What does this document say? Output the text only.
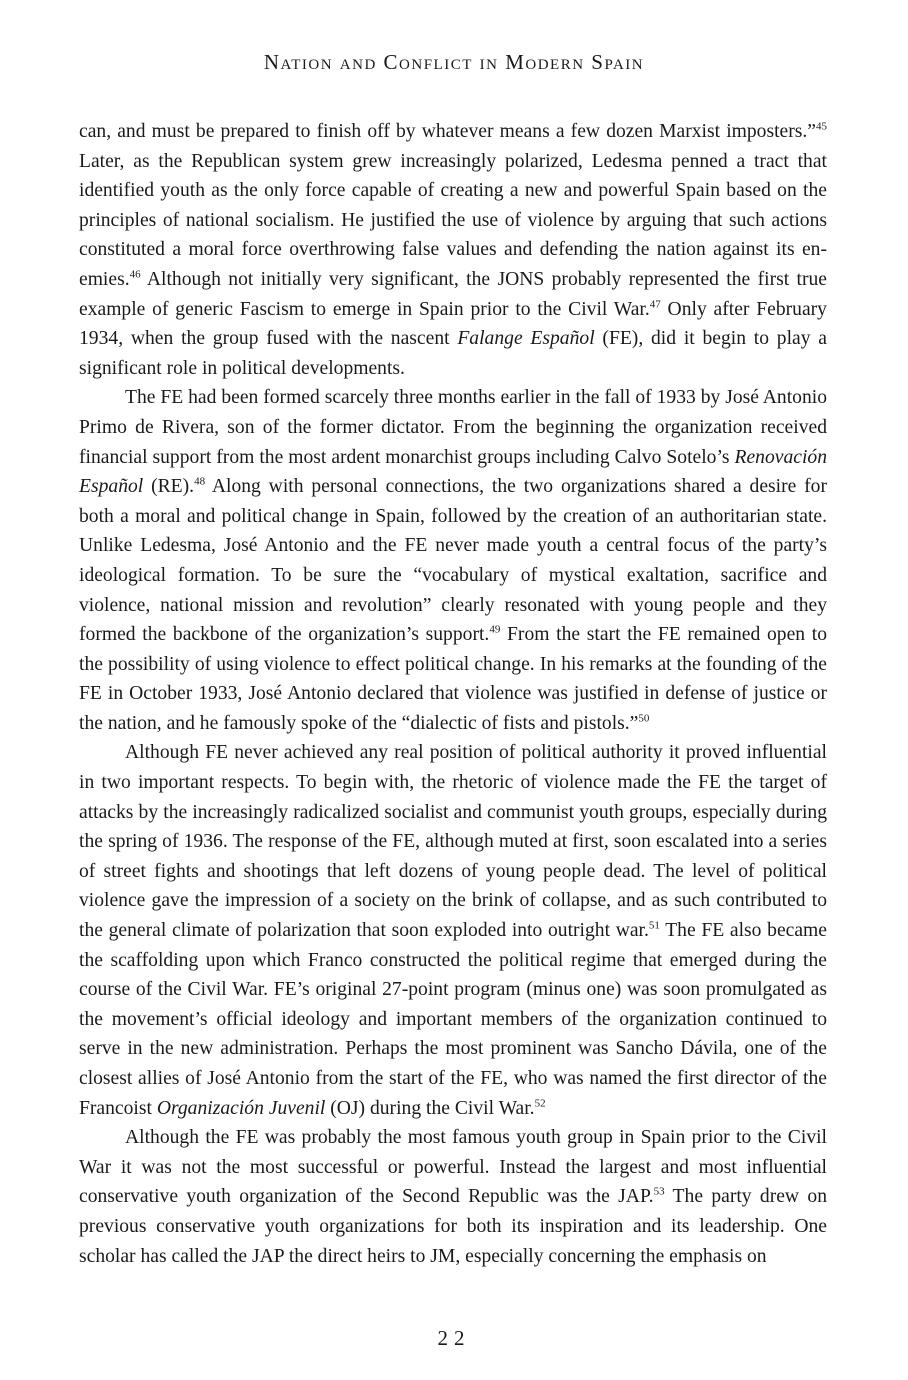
Nation and Conflict in Modern Spain

can, and must be prepared to finish off by whatever means a few dozen Marxist imposters.”$^{45}$ Later, as the Republican system grew increasingly polarized, Ledesma penned a tract that identified youth as the only force capable of creating a new and powerful Spain based on the principles of national socialism. He justified the use of violence by arguing that such actions constituted a moral force overthrowing false values and defending the nation against its enemies.$^{46}$ Although not initially very significant, the JONS probably represented the first true example of generic Fascism to emerge in Spain prior to the Civil War.$^{47}$ Only after February 1934, when the group fused with the nascent Falange Español (FE), did it begin to play a significant role in political developments.

The FE had been formed scarcely three months earlier in the fall of 1933 by José Antonio Primo de Rivera, son of the former dictator. From the beginning the organization received financial support from the most ardent monarchist groups including Calvo Sotelo’s Renovación Español (RE).$^{48}$ Along with personal connections, the two organizations shared a desire for both a moral and political change in Spain, followed by the creation of an authoritarian state. Unlike Ledesma, José Antonio and the FE never made youth a central focus of the party’s ideological formation. To be sure the “vocabulary of mystical exaltation, sacrifice and violence, national mission and revolution” clearly resonated with young people and they formed the backbone of the organization’s support.$^{49}$ From the start the FE remained open to the possibility of using violence to effect political change. In his remarks at the founding of the FE in October 1933, José Antonio declared that violence was justified in defense of justice or the nation, and he famously spoke of the “dialectic of fists and pistols.”$^{50}$

Although FE never achieved any real position of political authority it proved influential in two important respects. To begin with, the rhetoric of violence made the FE the target of attacks by the increasingly radicalized socialist and communist youth groups, especially during the spring of 1936. The response of the FE, although muted at first, soon escalated into a series of street fights and shootings that left dozens of young people dead. The level of political violence gave the impression of a society on the brink of collapse, and as such contributed to the general climate of polarization that soon exploded into outright war.$^{51}$ The FE also became the scaffolding upon which Franco constructed the political regime that emerged during the course of the Civil War. FE’s original 27-point program (minus one) was soon promulgated as the movement’s official ideology and important members of the organization continued to serve in the new administration. Perhaps the most prominent was Sancho Dávila, one of the closest allies of José Antonio from the start of the FE, who was named the first director of the Francoist Organización Juvenil (OJ) during the Civil War.$^{52}$

Although the FE was probably the most famous youth group in Spain prior to the Civil War it was not the most successful or powerful. Instead the largest and most influential conservative youth organization of the Second Republic was the JAP.$^{53}$ The party drew on previous conservative youth organizations for both its inspiration and its leadership. One scholar has called the JAP the direct heirs to JM, especially concerning the emphasis on

22
